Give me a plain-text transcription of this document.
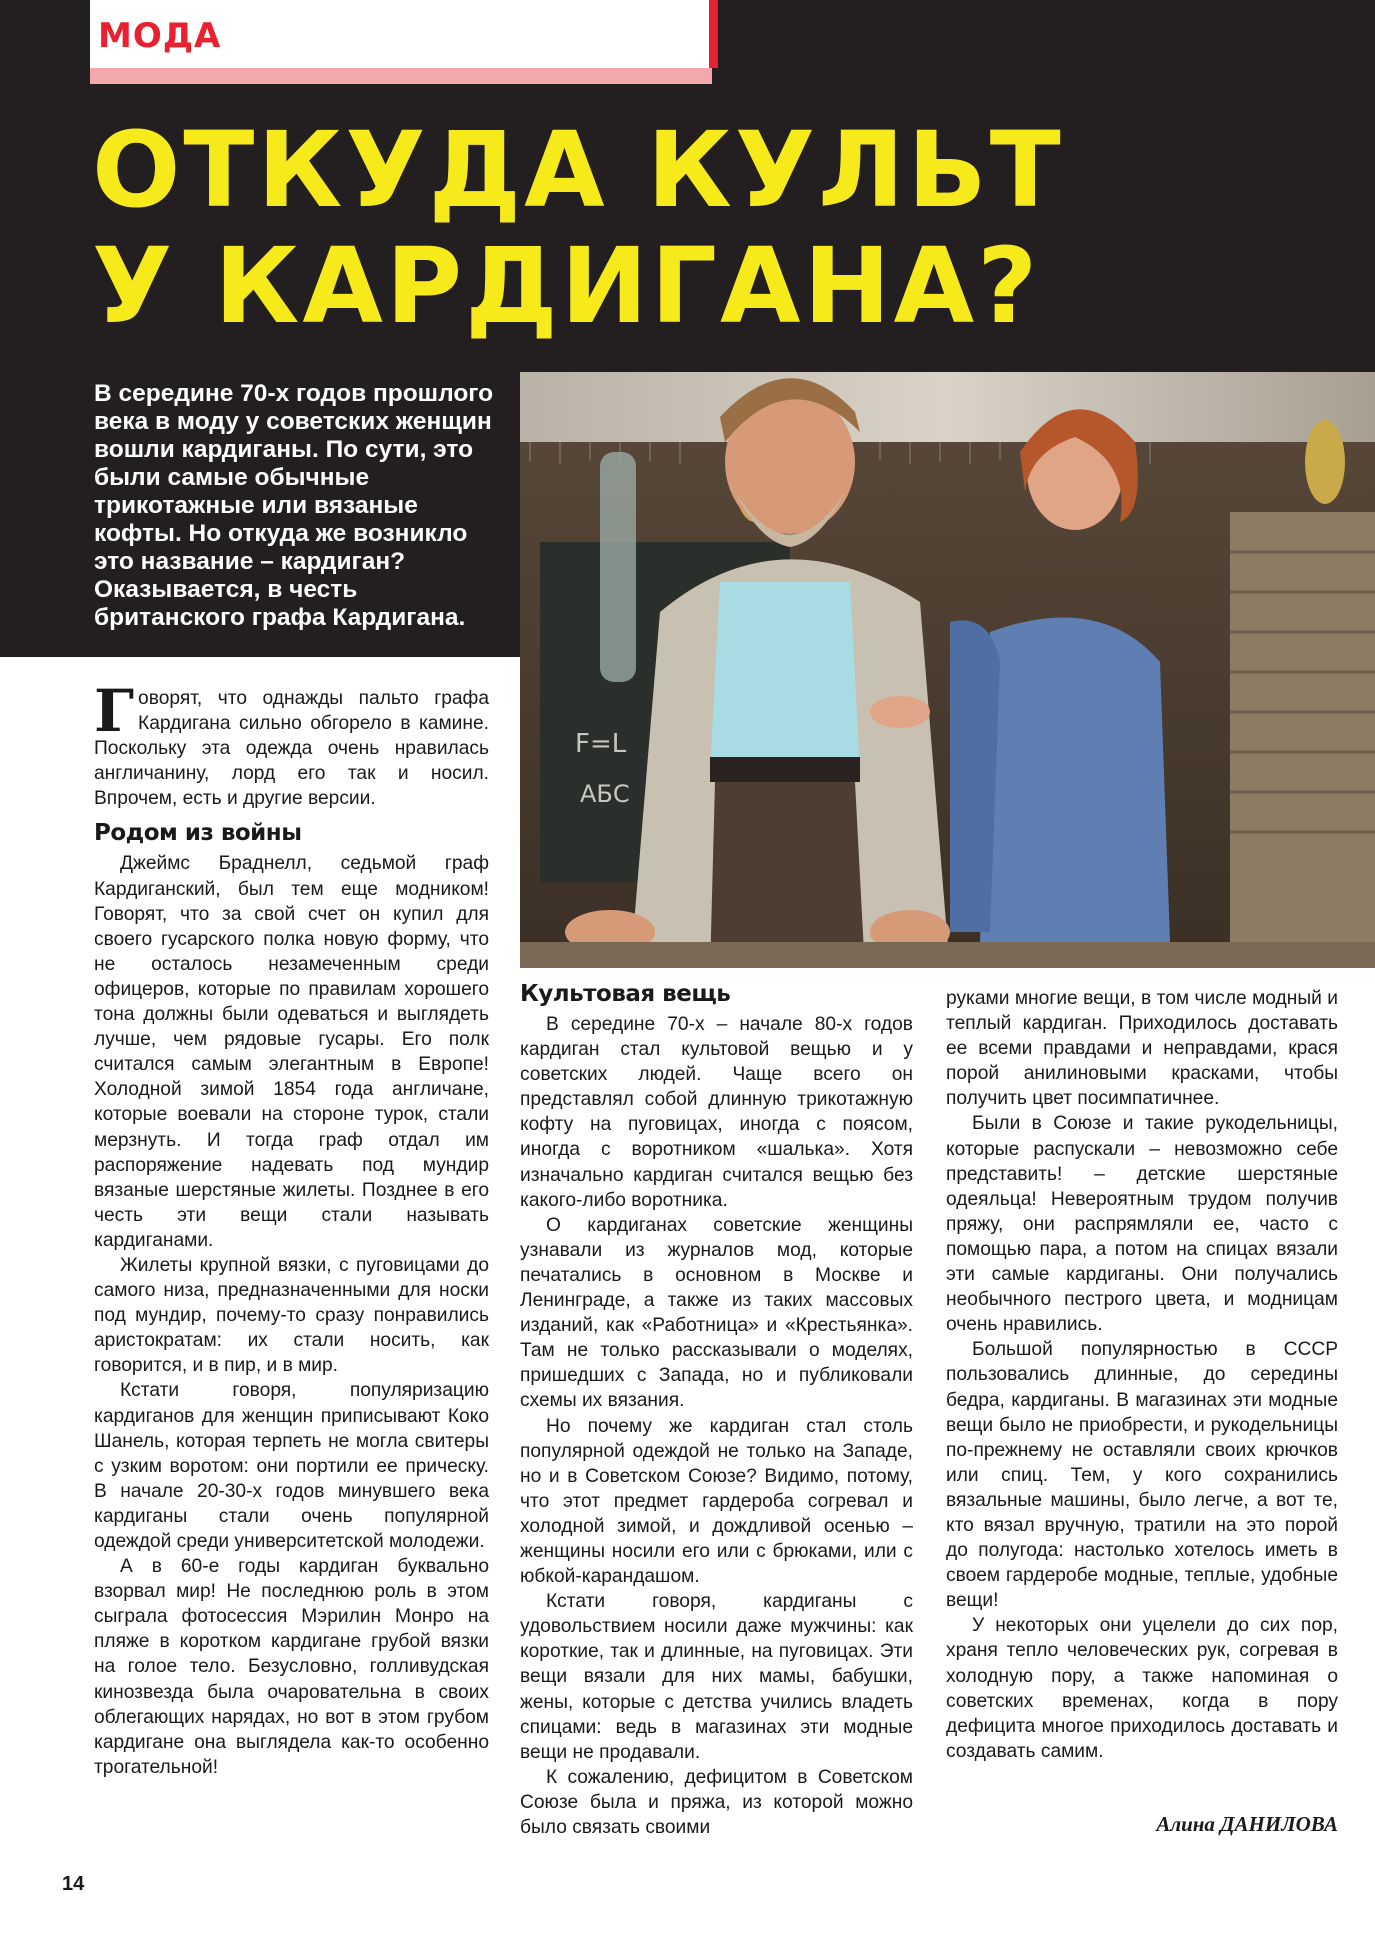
МОДА
ОТКУДА КУЛЬТ
У КАРДИГАНА?
В середине 70-х годов прошлого века в моду у советских женщин вошли кардиганы. По сути, это были самые обычные трикотажные или вязаные кофты. Но откуда же возникло это название – кардиган? Оказывается, в честь британского графа Кардигана.
F=L
АБС

Говорят, что однажды пальто графа Кардигана сильно обгорело в камине. Поскольку эта одежда очень нравилась англичанину, лорд его так и носил. Впрочем, есть и другие версии.

Родом из войны

Джеймс Браднелл, седьмой граф Кардиганский, был тем еще модником! Говорят, что за свой счет он купил для своего гусарского полка новую форму, что не осталось незамеченным среди офицеров, которые по правилам хорошего тона должны были одеваться и выглядеть лучше, чем рядовые гусары. Его полк считался самым элегантным в Европе! Холодной зимой 1854 года англичане, которые воевали на стороне турок, стали мерзнуть. И тогда граф отдал им распоряжение надевать под мундир вязаные шерстяные жилеты. Позднее в его честь эти вещи стали называть кардиганами.

Жилеты крупной вязки, с пуговицами до самого низа, предназначенными для носки под мундир, почему-то сразу понравились аристократам: их стали носить, как говорится, и в пир, и в мир.

Кстати говоря, популяризацию кардиганов для женщин приписывают Коко Шанель, которая терпеть не могла свитеры с узким воротом: они портили ее прическу. В начале 20-30-х годов минувшего века кардиганы стали очень популярной одеждой среди университетской молодежи.

А в 60-е годы кардиган буквально взорвал мир! Не последнюю роль в этом сыграла фотосессия Мэрилин Монро на пляже в коротком кардигане грубой вязки на голое тело. Безусловно, голливудская кинозвезда была очаровательна в своих облегающих нарядах, но вот в этом грубом кардигане она выглядела как-то особенно трогательной!

Культовая вещь

В середине 70-х – начале 80-х годов кардиган стал культовой вещью и у советских людей. Чаще всего он представлял собой длинную трикотажную кофту на пуговицах, иногда с поясом, иногда с воротником «шалька». Хотя изначально кардиган считался вещью без какого-либо воротника.

О кардиганах советские женщины узнавали из журналов мод, которые печатались в основном в Москве и Ленинграде, а также из таких массовых изданий, как «Работница» и «Крестьянка». Там не только рассказывали о моделях, пришедших с Запада, но и публиковали схемы их вязания.

Но почему же кардиган стал столь популярной одеждой не только на Западе, но и в Советском Союзе? Видимо, потому, что этот предмет гардероба согревал и холодной зимой, и дождливой осенью – женщины носили его или с брюками, или с юбкой-карандашом.

Кстати говоря, кардиганы с удовольствием носили даже мужчины: как короткие, так и длинные, на пуговицах. Эти вещи вязали для них мамы, бабушки, жены, которые с детства учились владеть спицами: ведь в магазинах эти модные вещи не продавали.

К сожалению, дефицитом в Советском Союзе была и пряжа, из которой можно было связать своими

руками многие вещи, в том числе модный и теплый кардиган. Приходилось доставать ее всеми правдами и неправдами, крася порой анилиновыми красками, чтобы получить цвет посимпатичнее.

Были в Союзе и такие рукодельницы, которые распускали – невозможно себе представить! – детские шерстяные одеяльца! Невероятным трудом получив пряжу, они распрямляли ее, часто с помощью пара, а потом на спицах вязали эти самые кардиганы. Они получались необычного пестрого цвета, и модницам очень нравились.

Большой популярностью в СССР пользовались длинные, до середины бедра, кардиганы. В магазинах эти модные вещи было не приобрести, и рукодельницы по-прежнему не оставляли своих крючков или спиц. Тем, у кого сохранились вязальные машины, было легче, а вот те, кто вязал вручную, тратили на это порой до полугода: настолько хотелось иметь в своем гардеробе модные, теплые, удобные вещи!

У некоторых они уцелели до сих пор, храня тепло человеческих рук, согревая в холодную пору, а также напоминая о советских временах, когда в пору дефицита многое приходилось доставать и создавать самим.

Алина ДАНИЛОВА
14
